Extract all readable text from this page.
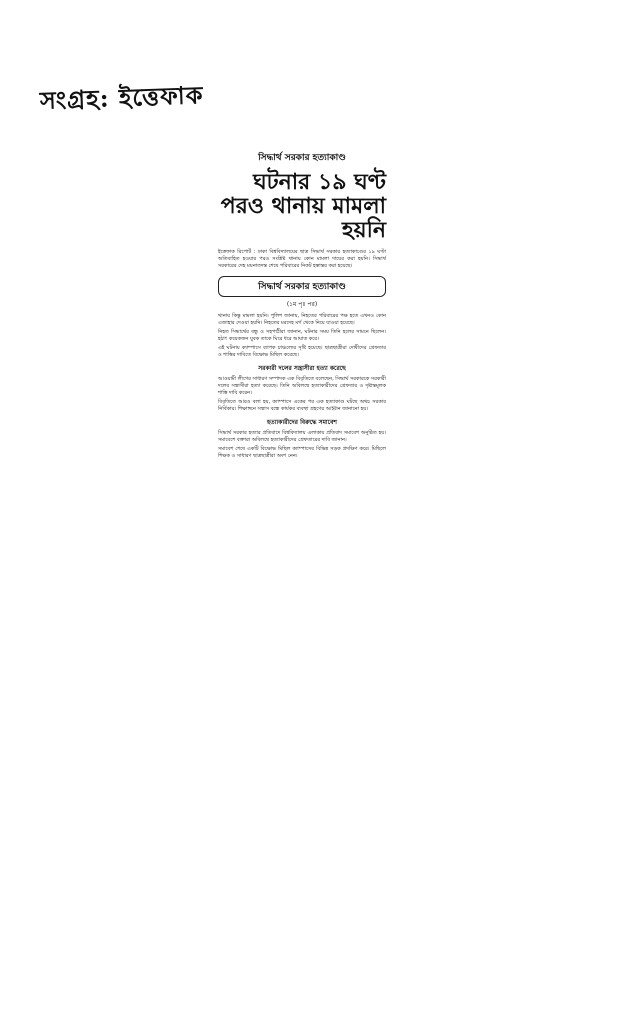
সংগ্রহ: ইত্তেফাক
সিদ্ধার্থ সরকার হত্যাকাণ্ড
ঘটনার ১৯ ঘণ্ট পরও থানায় মামলা হয়নি

ইত্তেফাক রিপোর্ট : ঢাকা বিশ্ববিদ্যালয়ের ছাত্র সিদ্ধার্থ সরকার হত্যাকাণ্ডের ১৯ ঘণ্টা অতিবাহিত হওয়ার পরও সংশ্লিষ্ট থানায় কোন মামলা দায়ের করা হয়নি। সিদ্ধার্থ সরকারের দেহ ময়নাতদন্ত শেষে পরিবারের নিকট হস্তান্তর করা হয়েছে।

সিদ্ধার্থ সরকার হত্যাকাণ্ড
(১ম পৃঃ পর)

থানায় কিন্তু মামলা হয়নি। পুলিশ জানায়, নিহতের পরিবারের পক্ষ হতে এখনও কোন এজাহার দেওয়া হয়নি। নিহতের মরদেহ মর্গ থেকে নিয়ে যাওয়া হয়েছে।

নিহত সিদ্ধার্থের বন্ধু ও সহপাঠীরা জানান, ঘটনার সময় তিনি হলের সামনে ছিলেন। হঠাৎ কয়েকজন যুবক তাকে ঘিরে ধরে আঘাত করে।

এই ঘটনায় ক্যাম্পাসে ব্যাপক চাঞ্চল্যের সৃষ্টি হয়েছে। ছাত্রছাত্রীরা দোষীদের গ্রেফতার ও শাস্তির দাবিতে বিক্ষোভ মিছিল করেছে।

সরকারী দলের সন্ত্রাসীরা হত্যা করেছে

আওয়ামী লীগের সাধারণ সম্পাদক এক বিবৃতিতে বলেছেন, সিদ্ধার্থ সরকারকে সরকারী দলের সন্ত্রাসীরা হত্যা করেছে। তিনি অবিলম্বে হত্যাকারীদের গ্রেফতার ও দৃষ্টান্তমূলক শাস্তি দাবি করেন।

বিবৃতিতে আরও বলা হয়, ক্যাম্পাসে একের পর এক হত্যাকাণ্ড ঘটছে অথচ সরকার নির্বিকার। শিক্ষাঙ্গনে সন্ত্রাস বন্ধে কার্যকর ব্যবস্থা গ্রহণের আহ্বান জানানো হয়।

হত্যাকারীদের বিরুদ্ধে সমাবেশ

সিদ্ধার্থ সরকার হত্যার প্রতিবাদে বিশ্ববিদ্যালয় এলাকায় প্রতিবাদ সমাবেশ অনুষ্ঠিত হয়। সমাবেশে বক্তারা অবিলম্বে হত্যাকারীদের গ্রেফতারের দাবি জানান।

সমাবেশ শেষে একটি বিক্ষোভ মিছিল ক্যাম্পাসের বিভিন্ন সড়ক প্রদক্ষিণ করে। মিছিলে শিক্ষক ও সাধারণ ছাত্রছাত্রীরা অংশ নেন।
